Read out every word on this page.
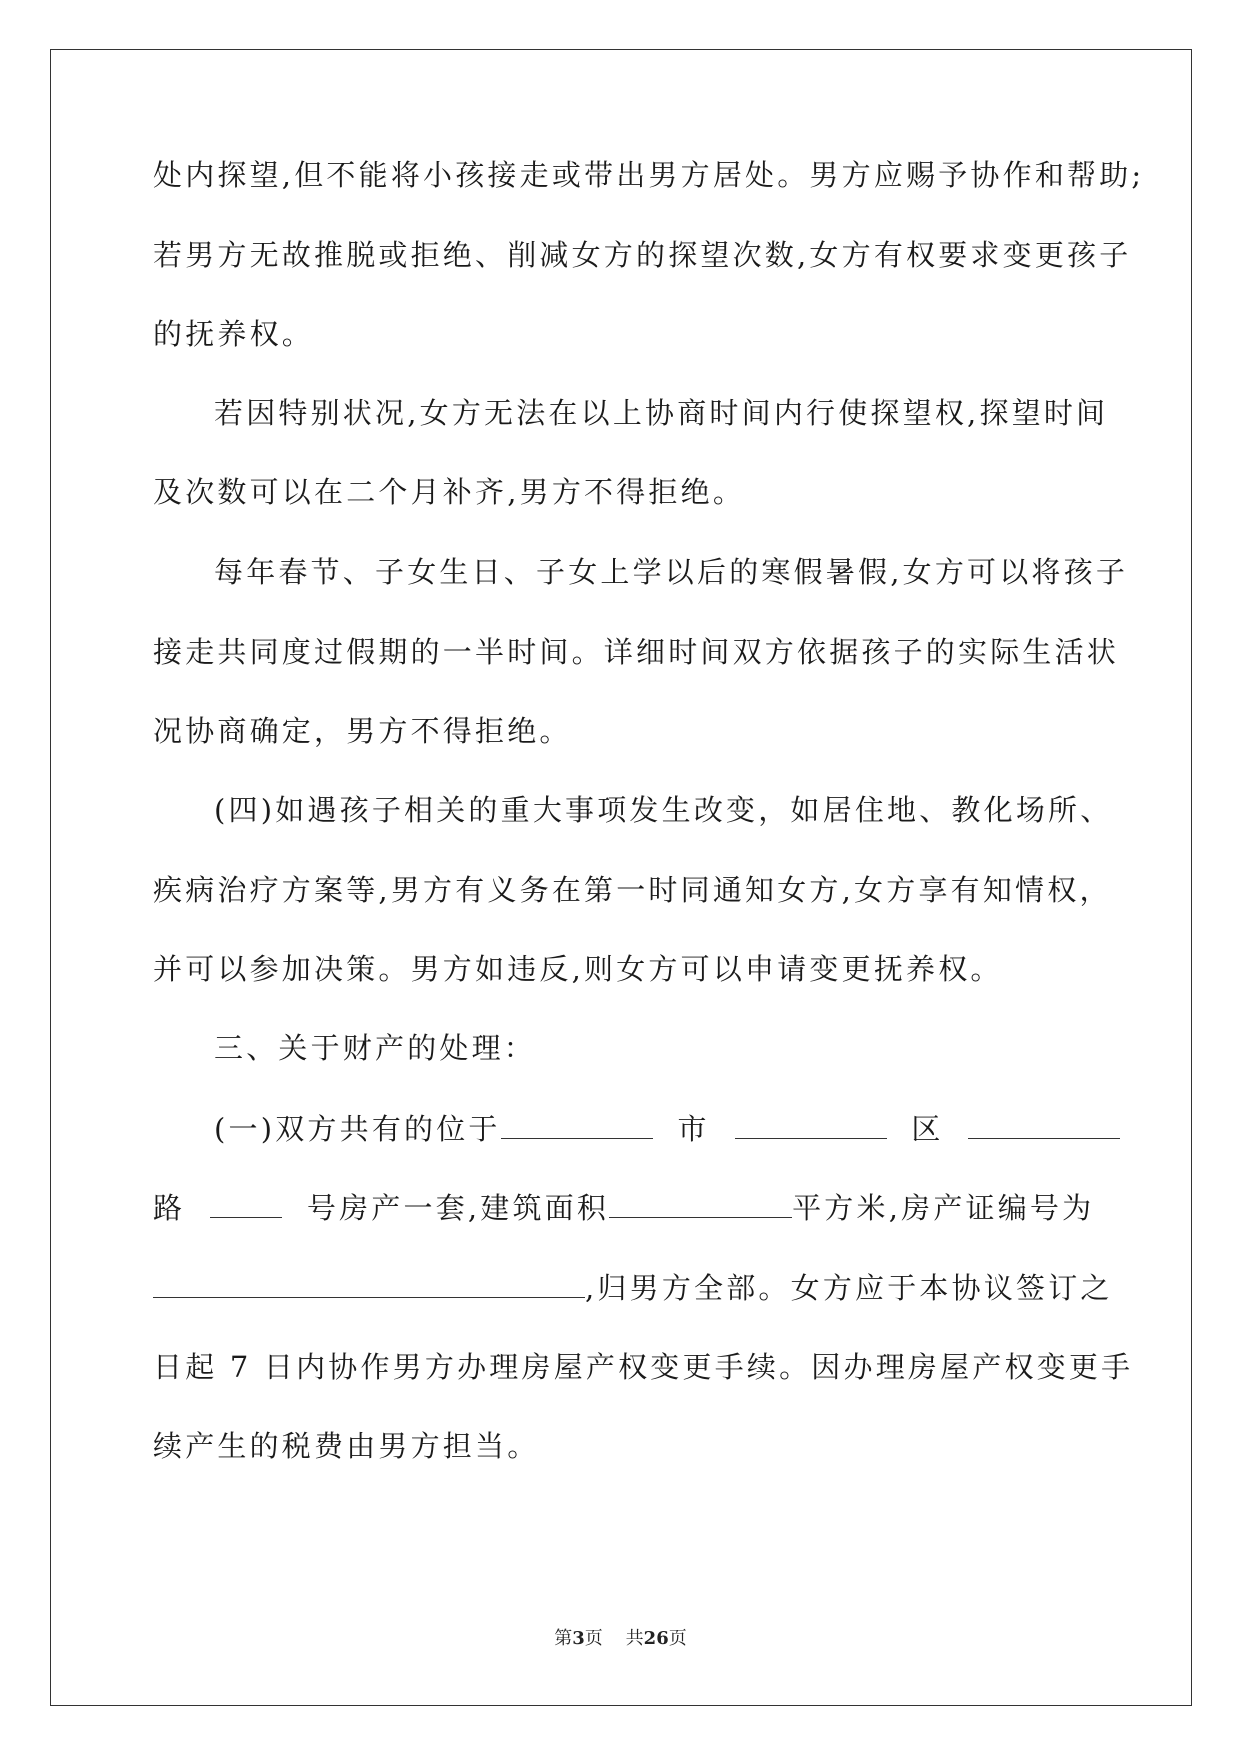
处内探望,但不能将小孩接走或带出男方居处。男方应赐予协作和帮助;
若男方无故推脱或拒绝、削减女方的探望次数,女方有权要求变更孩子
的抚养权。
若因特别状况,女方无法在以上协商时间内行使探望权,探望时间
及次数可以在二个月补齐,男方不得拒绝。
每年春节、子女生日、子女上学以后的寒假暑假,女方可以将孩子
接走共同度过假期的一半时间。详细时间双方依据孩子的实际生活状
况协商确定，男方不得拒绝。
(四)如遇孩子相关的重大事项发生改变，如居住地、教化场所、
疾病治疗方案等,男方有义务在第一时同通知女方,女方享有知情权，
并可以参加决策。男方如违反,则女方可以申请变更抚养权。
三、关于财产的处理：
(一)双方共有的位于	市	区
路	号房产一套,建筑面积	平方米,房产证编号为
,归男方全部。女方应于本协议签订之
日起 7 日内协作男方办理房屋产权变更手续。因办理房屋产权变更手
续产生的税费由男方担当。
第3页 共26页
